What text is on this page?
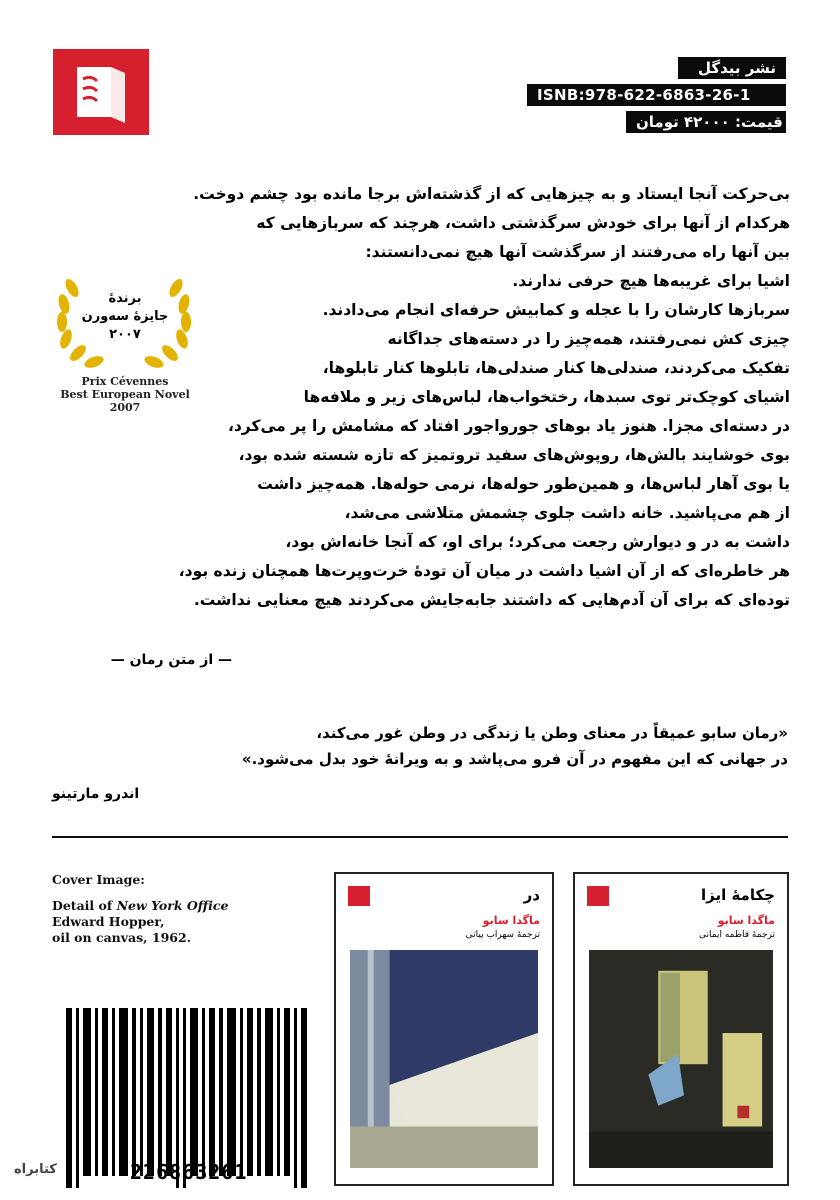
نشر بیدگل
ISNB:978-622-6863-26-1
قیمت: ۴۲۰۰۰ تومان
بی‌حرکت آنجا ایستاد و به چیزهایی که از گذشته‌اش برجا مانده بود چشم دوخت.
هرکدام از آنها برای خودش سرگذشتی داشت، هرچند که سربازهایی که
بین آنها راه می‌رفتند از سرگذشت آنها هیچ نمی‌دانستند:
اشیا برای غریبه‌ها هیچ حرفی ندارند.
سربازها کارشان را با عجله و کمابیش حرفه‌ای انجام می‌دادند.
چیزی کش نمی‌رفتند، همه‌چیز را در دسته‌های جداگانه
تفکیک می‌کردند، صندلی‌ها کنار صندلی‌ها، تابلوها کنار تابلوها،
اشیای کوچک‌تر توی سبدها، رختخواب‌ها، لباس‌های زیر و ملافه‌ها
در دسته‌ای مجزا. هنوز یاد بوهای جورواجور افتاد که مشامش را پر می‌کرد،
بوی خوشایند بالش‌ها، روپوش‌های سفید تروتمیز که تازه شسته شده بود،
یا بوی آهار لباس‌ها، و همین‌طور حوله‌ها، نرمی حوله‌ها. همه‌چیز داشت
از هم می‌پاشید. خانه داشت جلوی چشمش متلاشی می‌شد،
داشت به در و دیوارش رجعت می‌کرد؛ برای او، که آنجا خانه‌اش بود،
هر خاطره‌ای که از آن اشیا داشت در میان آن تودهٔ خرت‌وپرت‌ها همچنان زنده بود،
توده‌ای که برای آن آدم‌هایی که داشتند جابه‌جایش می‌کردند هیچ معنایی نداشت.
— از متن رمان —
برندهٔ
جایزهٔ سه‌ورن
۲۰۰۷
Prix Cévennes
Best European Novel
2007
«رمان سابو عمیقاً در معنای وطن یا زندگی در وطن غور می‌کند،
در جهانی که این مفهوم در آن فرو می‌پاشد و به ویرانهٔ خود بدل می‌شود.»
اندرو مارتینو

Cover Image:

Detail of New York Office
Edward Hopper,
oil on canvas, 1962.
226863261
کتابراه
در
ماگدا سابو
ترجمهٔ سهراب بیاتی
چکامهٔ ایزا
ماگدا سابو
ترجمهٔ فاطمه ایمانی
